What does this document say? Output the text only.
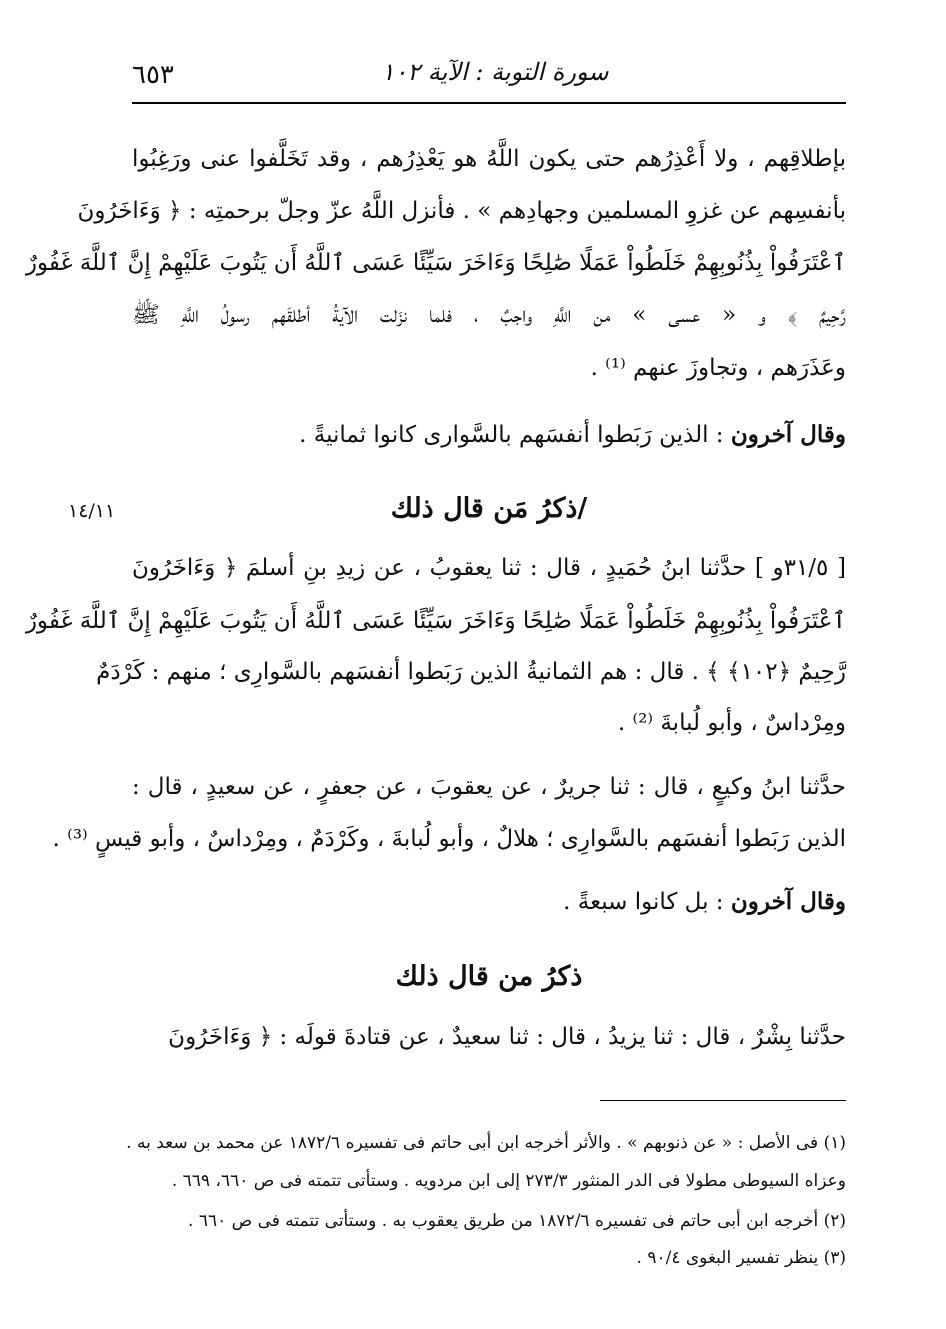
٦٥٣	سورة التوبة : الآية ١٠٢
بإطلاقِهم ، ولا أَعْذِرُهم حتى يكون اللَّهُ هو يَعْذِرُهم ، وقد تَخَلَّفوا عنى ورَغِبُوا
بأنفسِهم عن غزوِ المسلمين وجهادِهم » . فأنزل اللَّهُ عزّ وجلّ برحمتِه : ﴿ وَءَاخَرُونَ
ٱعْتَرَفُواْ بِذُنُوبِهِمْ خَلَطُواْ عَمَلًا صَٰلِحًا وَءَاخَرَ سَيِّئًا عَسَى ٱللَّهُ أَن يَتُوبَ عَلَيْهِمْ إِنَّ ٱللَّهَ غَفُورٌ
رَّحِيمٌ ﴾ و « عسى » من اللَّهِ واجبٌ ، فلما نزَلت الآيةُ أطلقَهم رسولُ اللَّهِ ﷺ
وعَذَرَهم ، وتجاوزَ عنهم ⁽¹⁾ .
وقال آخرون : الذين رَبَطوا أنفسَهم بالسَّوارى كانوا ثمانيةً .
/ذكرُ مَن قال ذلك
١٤/١١
[ ٣١/٥و ] حدَّثنا ابنُ حُمَيدٍ ، قال : ثنا يعقوبُ ، عن زيدِ بنِ أسلمَ ﴿ وَءَاخَرُونَ
ٱعْتَرَفُواْ بِذُنُوبِهِمْ خَلَطُواْ عَمَلًا صَٰلِحًا وَءَاخَرَ سَيِّئًا عَسَى ٱللَّهُ أَن يَتُوبَ عَلَيْهِمْ إِنَّ ٱللَّهَ غَفُورٌ
رَّحِيمٌ ﴿١٠٢﴾ ﴾ . قال : هم الثمانيةُ الذين رَبَطوا أنفسَهم بالسَّوارِى ؛ منهم : كَرْدَمٌ
ومِرْداسٌ ، وأبو لُبابةَ ⁽²⁾ .
حدَّثنا ابنُ وكيعٍ ، قال : ثنا جريرٌ ، عن يعقوبَ ، عن جعفرٍ ، عن سعيدٍ ، قال :
الذين رَبَطوا أنفسَهم بالسَّوارِى ؛ هلالٌ ، وأبو لُبابةَ ، وكَرْدَمٌ ، ومِرْداسٌ ، وأبو قيسٍ ⁽³⁾ .
وقال آخرون : بل كانوا سبعةً .
ذكرُ من قال ذلك
حدَّثنا بِشْرٌ ، قال : ثنا يزيدُ ، قال : ثنا سعيدٌ ، عن قتادةَ قولَه : ﴿ وَءَاخَرُونَ
(١) فى الأصل : « عن ذنوبهم » . والأثر أخرجه ابن أبى حاتم فى تفسيره ١٨٧٢/٦ عن محمد بن سعد به .
وعزاه السيوطى مطولا فى الدر المنثور ٢٧٣/٣ إلى ابن مردويه . وستأتى تتمته فى ص ٦٦٠، ٦٦٩ .
(٢) أخرجه ابن أبى حاتم فى تفسيره ١٨٧٢/٦ من طريق يعقوب به . وستأتى تتمته فى ص ٦٦٠ .
(٣) ينظر تفسير البغوى ٩٠/٤ .
